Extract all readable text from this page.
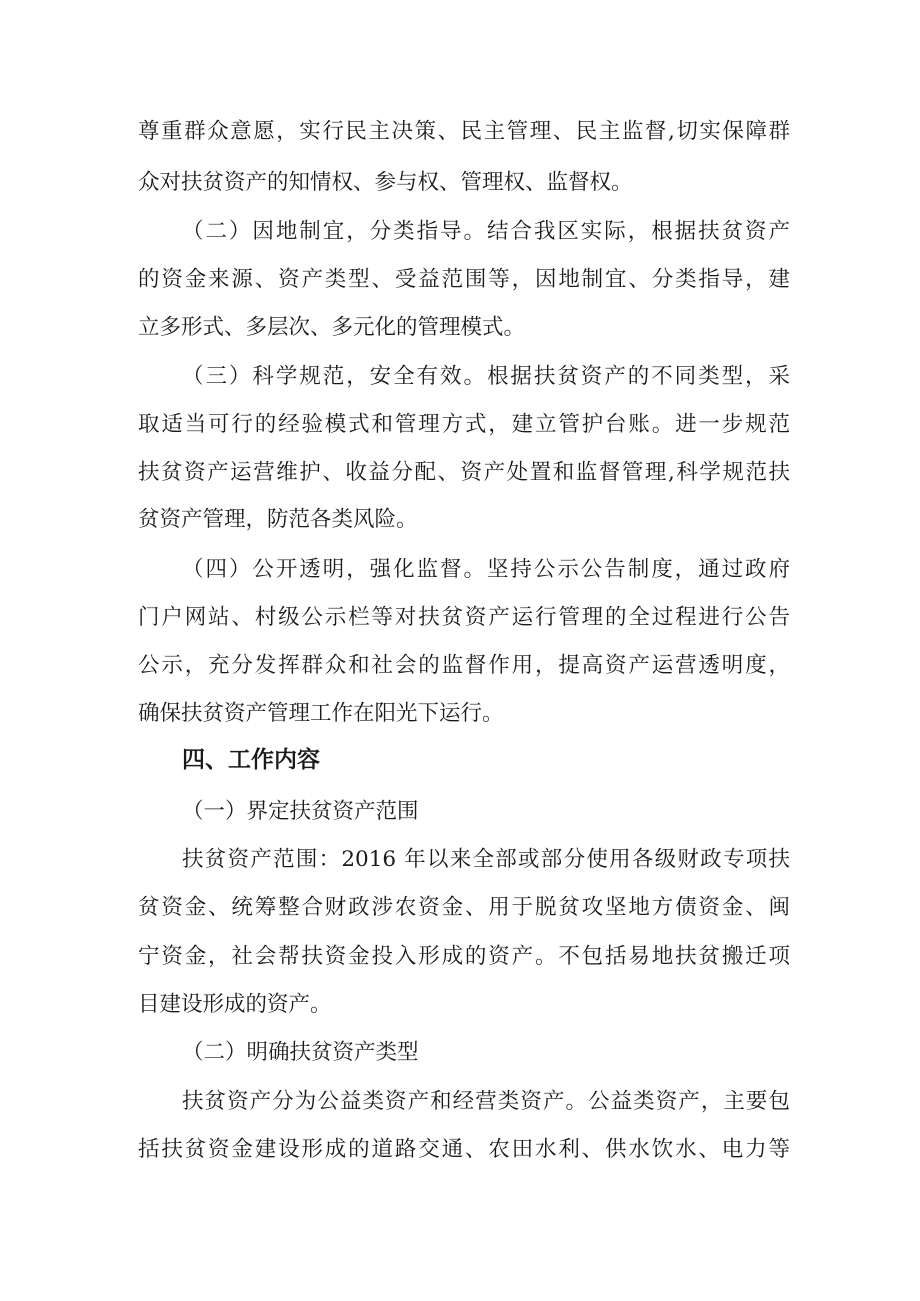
尊重群众意愿，实行民主决策、民主管理、民主监督,切实保障群
众对扶贫资产的知情权、参与权、管理权、监督权。
（二）因地制宜，分类指导。结合我区实际，根据扶贫资产
的资金来源、资产类型、受益范围等，因地制宜、分类指导，建
立多形式、多层次、多元化的管理模式。
（三）科学规范，安全有效。根据扶贫资产的不同类型，采
取适当可行的经验模式和管理方式，建立管护台账。进一步规范
扶贫资产运营维护、收益分配、资产处置和监督管理,科学规范扶
贫资产管理，防范各类风险。
（四）公开透明，强化监督。坚持公示公告制度，通过政府
门户网站、村级公示栏等对扶贫资产运行管理的全过程进行公告
公示，充分发挥群众和社会的监督作用，提高资产运营透明度，
确保扶贫资产管理工作在阳光下运行。
四、工作内容
（一）界定扶贫资产范围
扶贫资产范围：2016 年以来全部或部分使用各级财政专项扶
贫资金、统筹整合财政涉农资金、用于脱贫攻坚地方债资金、闽
宁资金，社会帮扶资金投入形成的资产。不包括易地扶贫搬迁项
目建设形成的资产。
（二）明确扶贫资产类型
扶贫资产分为公益类资产和经营类资产。公益类资产，主要包
括扶贫资金建设形成的道路交通、农田水利、供水饮水、电力等
